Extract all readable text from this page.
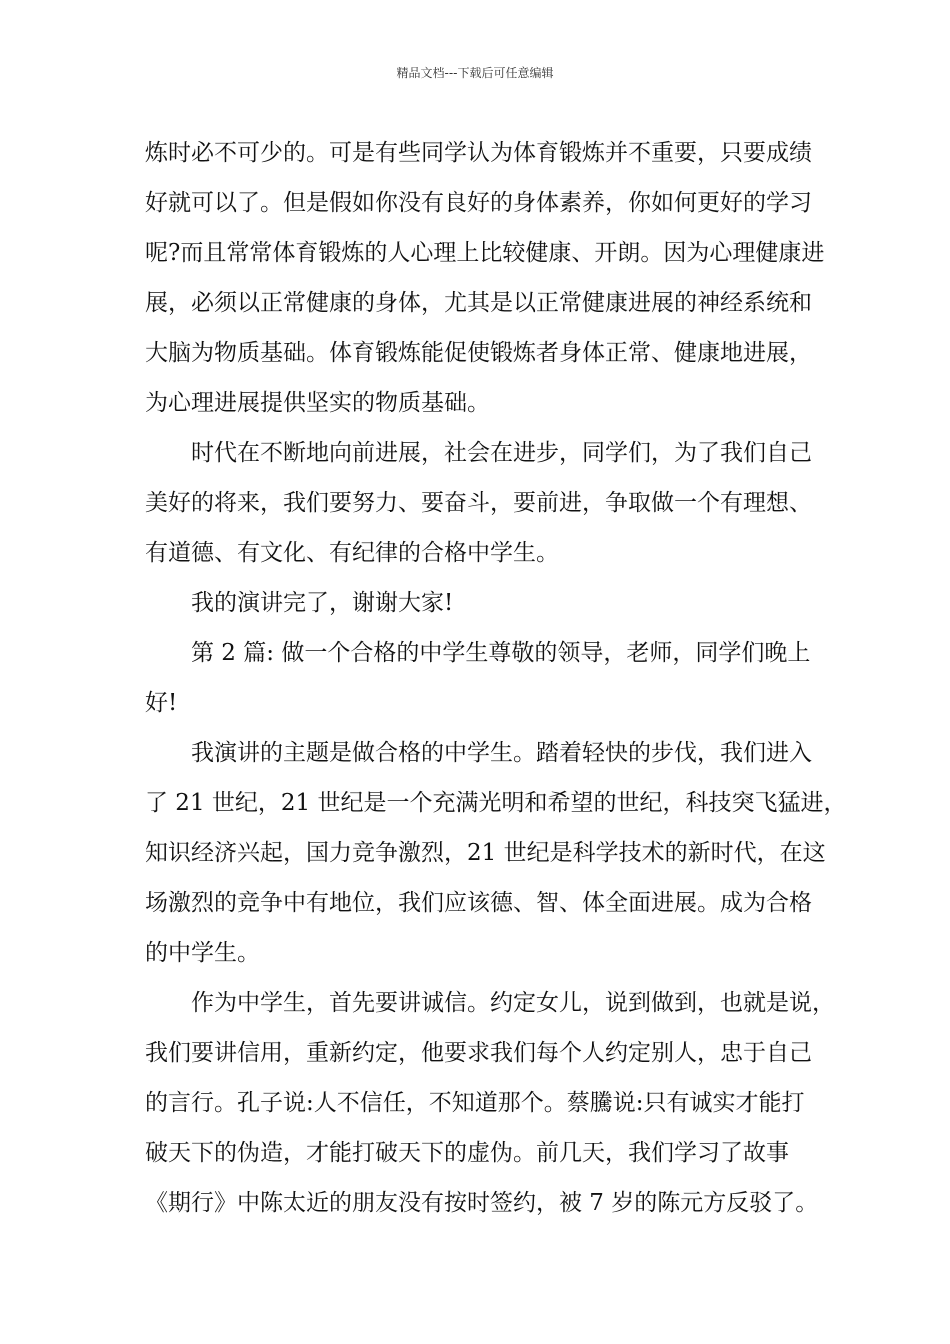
精品文档---下载后可任意编辑
炼时必不可少的。可是有些同学认为体育锻炼并不重要，只要成绩
好就可以了。但是假如你没有良好的身体素养，你如何更好的学习
呢?而且常常体育锻炼的人心理上比较健康、开朗。因为心理健康进
展，必须以正常健康的身体，尤其是以正常健康进展的神经系统和
大脑为物质基础。体育锻炼能促使锻炼者身体正常、健康地进展，
为心理进展提供坚实的物质基础。
时代在不断地向前进展，社会在进步，同学们，为了我们自己
美好的将来，我们要努力、要奋斗，要前进，争取做一个有理想、
有道德、有文化、有纪律的合格中学生。
我的演讲完了，谢谢大家!
第 2 篇: 做一个合格的中学生尊敬的领导，老师，同学们晚上
好!
我演讲的主题是做合格的中学生。踏着轻快的步伐，我们进入
了 21 世纪，21 世纪是一个充满光明和希望的世纪，科技突飞猛进，
知识经济兴起，国力竞争激烈，21 世纪是科学技术的新时代，在这
场激烈的竞争中有地位，我们应该德、智、体全面进展。成为合格
的中学生。
作为中学生，首先要讲诚信。约定女儿，说到做到，也就是说，
我们要讲信用，重新约定，他要求我们每个人约定别人，忠于自己
的言行。孔子说:人不信任，不知道那个。蔡騰说:只有诚实才能打
破天下的伪造，才能打破天下的虚伪。前几天，我们学习了故事
《期行》中陈太近的朋友没有按时签约，被 7 岁的陈元方反驳了。
